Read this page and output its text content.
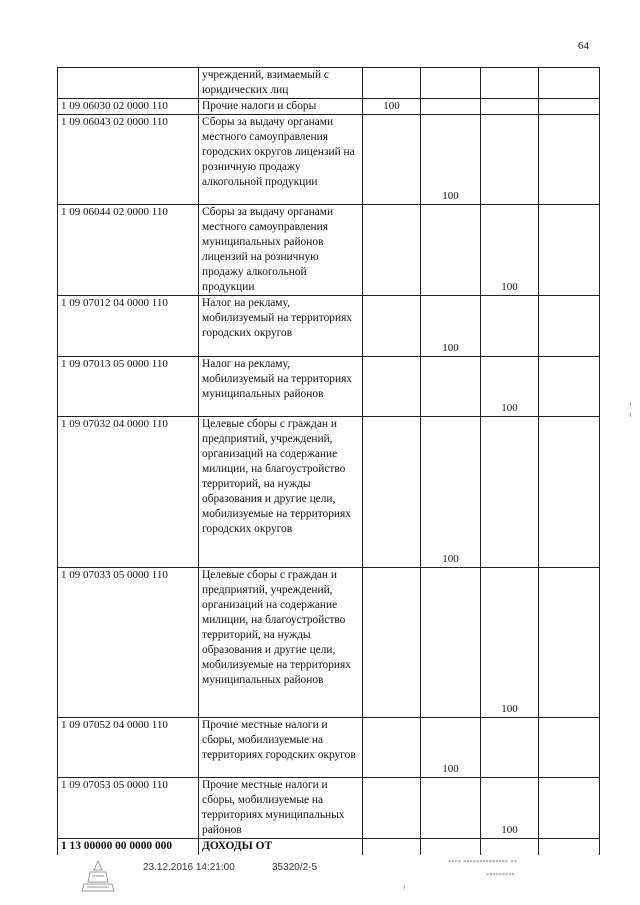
64
	учреждений, взимаемый с юридических лиц				
1 09 06030 02 0000 110	Прочие налоги и сборы	100			
1 09 06043 02 0000 110	Сборы за выдачу органами местного самоуправления городских округов лицензий на розничную продажу алкогольной продукции		100		
1 09 06044 02 0000 110	Сборы за выдачу органами местного самоуправления муниципальных районов лицензий на розничную продажу алкогольной продукции			100	
1 09 07012 04 0000 110	Налог на рекламу, мобилизуемый на территориях городских округов		100		
1 09 07013 05 0000 110	Налог на рекламу, мобилизуемый на территориях муниципальных районов			100	
1 09 07032 04 0000 110	Целевые сборы с граждан и предприятий, учреждений, организаций на содержание милиции, на благоустройство территорий, на нужды образования и другие цели, мобилизуемые на территориях городских округов		100		
1 09 07033 05 0000 110	Целевые сборы с граждан и предприятий, учреждений, организаций на содержание милиции, на благоустройство территорий, на нужды образования и другие цели, мобилизуемые на территориях муниципальных районов			100	
1 09 07052 04 0000 110	Прочие местные налоги и сборы, мобилизуемые на территориях городских округов		100		
1 09 07053 05 0000 110	Прочие местные налоги и сборы, мобилизуемые на территориях муниципальных районов			100	
1 13 00000 00 0000 000	ДОХОДЫ ОТ				
23.12.2016 14:21:00	35320/2-5
▪▪▪▪ ▪▪▪▪▪▪▪▪▪▪▪▪▪▪ ▪▪
▪▪▪▪▪▪▪▪▪
